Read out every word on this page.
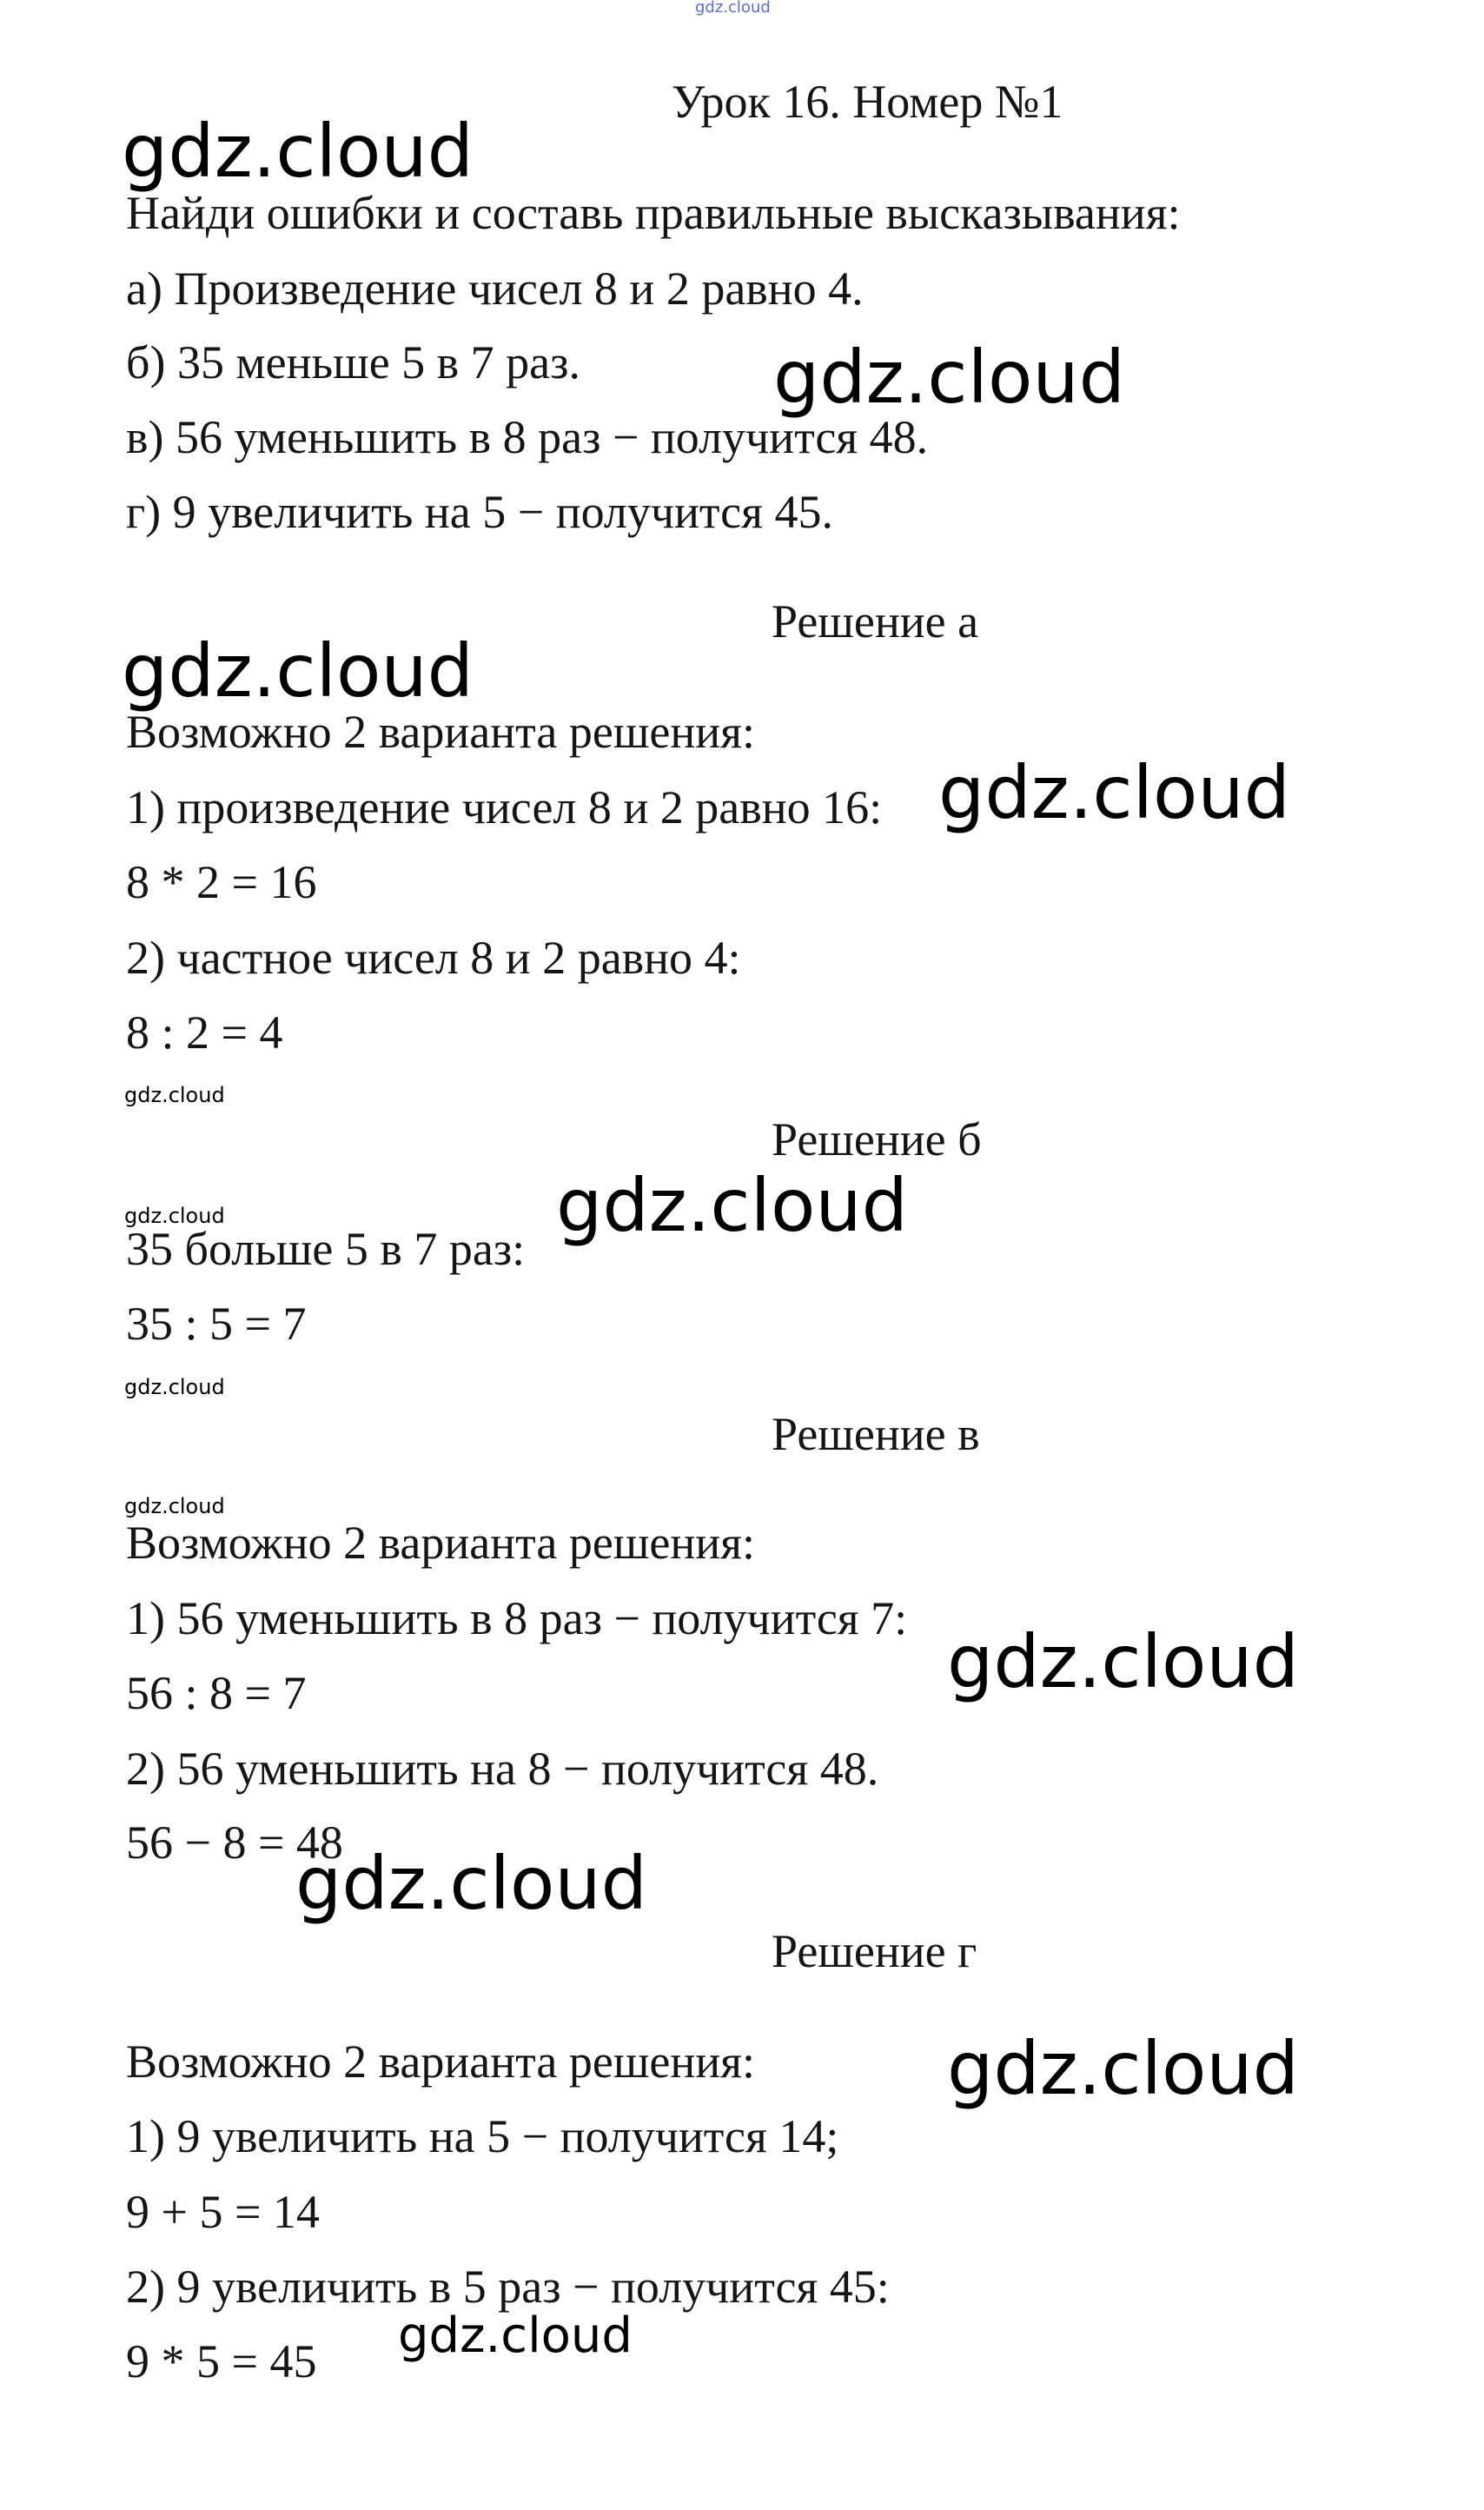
gdz.cloud
Урок 16. Номер №1
gdz.cloud
Найди ошибки и составь правильные высказывания:
а) Произведение чисел 8 и 2 равно 4.
б) 35 меньше 5 в 7 раз.	gdz.cloud
в) 56 уменьшить в 8 раз − получится 48.
г) 9 увеличить на 5 − получится 45.
Решение а
gdz.cloud
Возможно 2 варианта решения:
1) произведение чисел 8 и 2 равно 16: gdz.cloud
8 * 2 = 16
2) частное чисел 8 и 2 равно 4:
8 : 2 = 4
gdz.cloud
Решение б
gdz.cloud	gdz.cloud
35 больше 5 в 7 раз:
35 : 5 = 7
gdz.cloud
Решение в
gdz.cloud
Возможно 2 варианта решения:
1) 56 уменьшить в 8 раз − получится 7:
gdz.cloud
56 : 8 = 7
2) 56 уменьшить на 8 − получится 48.
56 − 8 = 48
gdz.cloud
Решение г
Возможно 2 варианта решения:	gdz.cloud
1) 9 увеличить на 5 − получится 14;
9 + 5 = 14
2) 9 увеличить в 5 раз − получится 45:
9 * 5 = 45 gdz.cloud
